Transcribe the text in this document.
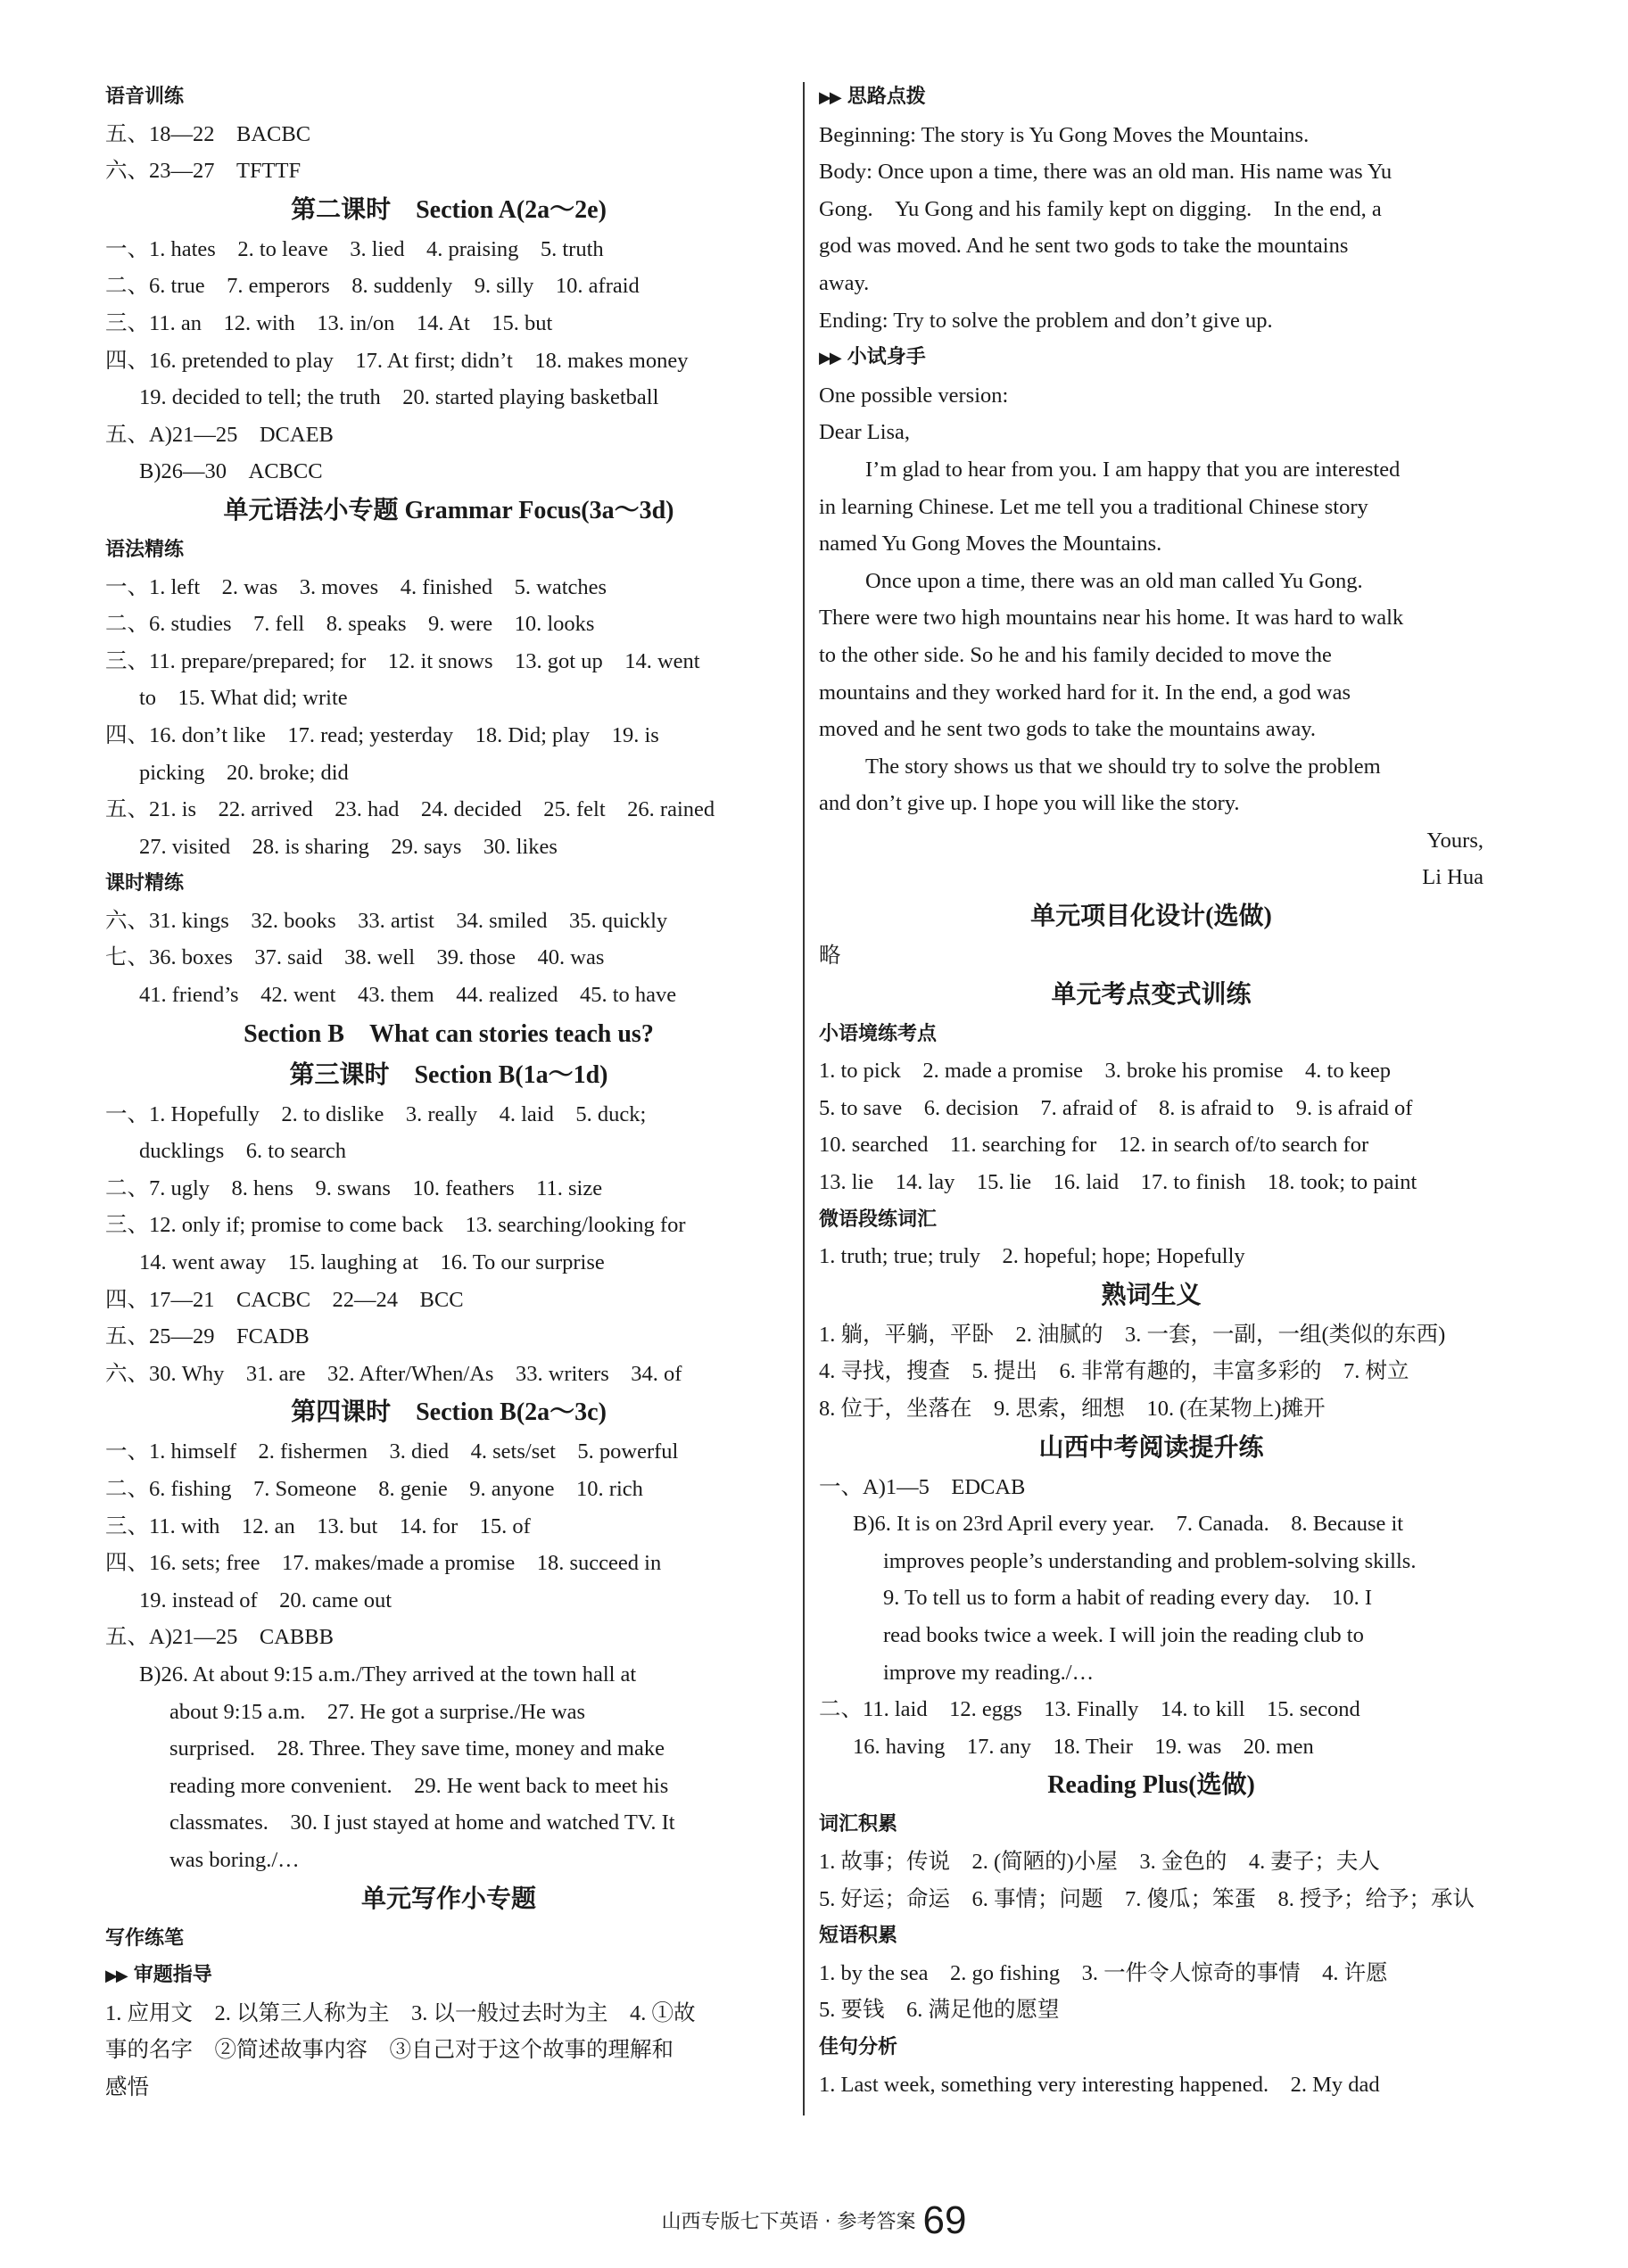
语音训练
五、18—22　BACBC
六、23—27　TFTTF
第二课时　Section A(2a～2e)
一、1. hates　2. to leave　3. lied　4. praising　5. truth
二、6. true　7. emperors　8. suddenly　9. silly　10. afraid
三、11. an　12. with　13. in/on　14. At　15. but
四、16. pretended to play　17. At first; didn’t　18. makes money
19. decided to tell; the truth　20. started playing basketball
五、A)21—25　DCAEB
B)26—30　ACBCC
单元语法小专题 Grammar Focus(3a～3d)
语法精练
一、1. left　2. was　3. moves　4. finished　5. watches
二、6. studies　7. fell　8. speaks　9. were　10. looks
三、11. prepare/prepared; for　12. it snows　13. got up　14. went
to　15. What did; write
四、16. don’t like　17. read; yesterday　18. Did; play　19. is
picking　20. broke; did
五、21. is　22. arrived　23. had　24. decided　25. felt　26. rained
27. visited　28. is sharing　29. says　30. likes
课时精练
六、31. kings　32. books　33. artist　34. smiled　35. quickly
七、36. boxes　37. said　38. well　39. those　40. was
41. friend’s　42. went　43. them　44. realized　45. to have
Section B　What can stories teach us?
第三课时　Section B(1a～1d)
一、1. Hopefully　2. to dislike　3. really　4. laid　5. duck;
ducklings　6. to search
二、7. ugly　8. hens　9. swans　10. feathers　11. size
三、12. only if; promise to come back　13. searching/looking for
14. went away　15. laughing at　16. To our surprise
四、17—21　CACBC　22—24　BCC
五、25—29　FCADB
六、30. Why　31. are　32. After/When/As　33. writers　34. of
第四课时　Section B(2a～3c)
一、1. himself　2. fishermen　3. died　4. sets/set　5. powerful
二、6. fishing　7. Someone　8. genie　9. anyone　10. rich
三、11. with　12. an　13. but　14. for　15. of
四、16. sets; free　17. makes/made a promise　18. succeed in
19. instead of　20. came out
五、A)21—25　CABBB
B)26. At about 9:15 a.m./They arrived at the town hall at
about 9:15 a.m.　27. He got a surprise./He was
surprised.　28. Three. They save time, money and make
reading more convenient.　29. He went back to meet his
classmates.　30. I just stayed at home and watched TV. It
was boring./…
单元写作小专题
写作练笔
▶▶ 审题指导
1. 应用文　2. 以第三人称为主　3. 以一般过去时为主　4. ①故
事的名字　②简述故事内容　③自己对于这个故事的理解和
感悟
▶▶ 思路点拨
Beginning: The story is Yu Gong Moves the Mountains.
Body: Once upon a time, there was an old man. His name was Yu
Gong.　Yu Gong and his family kept on digging.　In the end, a
god was moved. And he sent two gods to take the mountains
away.
Ending: Try to solve the problem and don’t give up.
▶▶ 小试身手
One possible version:
Dear Lisa,
I’m glad to hear from you. I am happy that you are interested
in learning Chinese. Let me tell you a traditional Chinese story
named Yu Gong Moves the Mountains.
Once upon a time, there was an old man called Yu Gong.
There were two high mountains near his home. It was hard to walk
to the other side. So he and his family decided to move the
mountains and they worked hard for it. In the end, a god was
moved and he sent two gods to take the mountains away.
The story shows us that we should try to solve the problem
and don’t give up. I hope you will like the story.
Yours,
Li Hua
单元项目化设计(选做)
略
单元考点变式训练
小语境练考点
1. to pick　2. made a promise　3. broke his promise　4. to keep
5. to save　6. decision　7. afraid of　8. is afraid to　9. is afraid of
10. searched　11. searching for　12. in search of/to search for
13. lie　14. lay　15. lie　16. laid　17. to finish　18. took; to paint
微语段练词汇
1. truth; true; truly　2. hopeful; hope; Hopefully
熟词生义
1. 躺，平躺，平卧　2. 油腻的　3. 一套，一副，一组(类似的东西)
4. 寻找，搜查　5. 提出　6. 非常有趣的，丰富多彩的　7. 树立
8. 位于，坐落在　9. 思索，细想　10. (在某物上)摊开
山西中考阅读提升练
一、A)1—5　EDCAB
B)6. It is on 23rd April every year.　7. Canada.　8. Because it
improves people’s understanding and problem-solving skills.
9. To tell us to form a habit of reading every day.　10. I
read books twice a week. I will join the reading club to
improve my reading./…
二、11. laid　12. eggs　13. Finally　14. to kill　15. second
16. having　17. any　18. Their　19. was　20. men
Reading Plus(选做)
词汇积累
1. 故事；传说　2. (简陋的)小屋　3. 金色的　4. 妻子；夫人
5. 好运；命运　6. 事情；问题　7. 傻瓜；笨蛋　8. 授予；给予；承认
短语积累
1. by the sea　2. go fishing　3. 一件令人惊奇的事情　4. 许愿
5. 要钱　6. 满足他的愿望
佳句分析
1. Last week, something very interesting happened.　2. My dad
山西专版七下英语 · 参考答案 69
